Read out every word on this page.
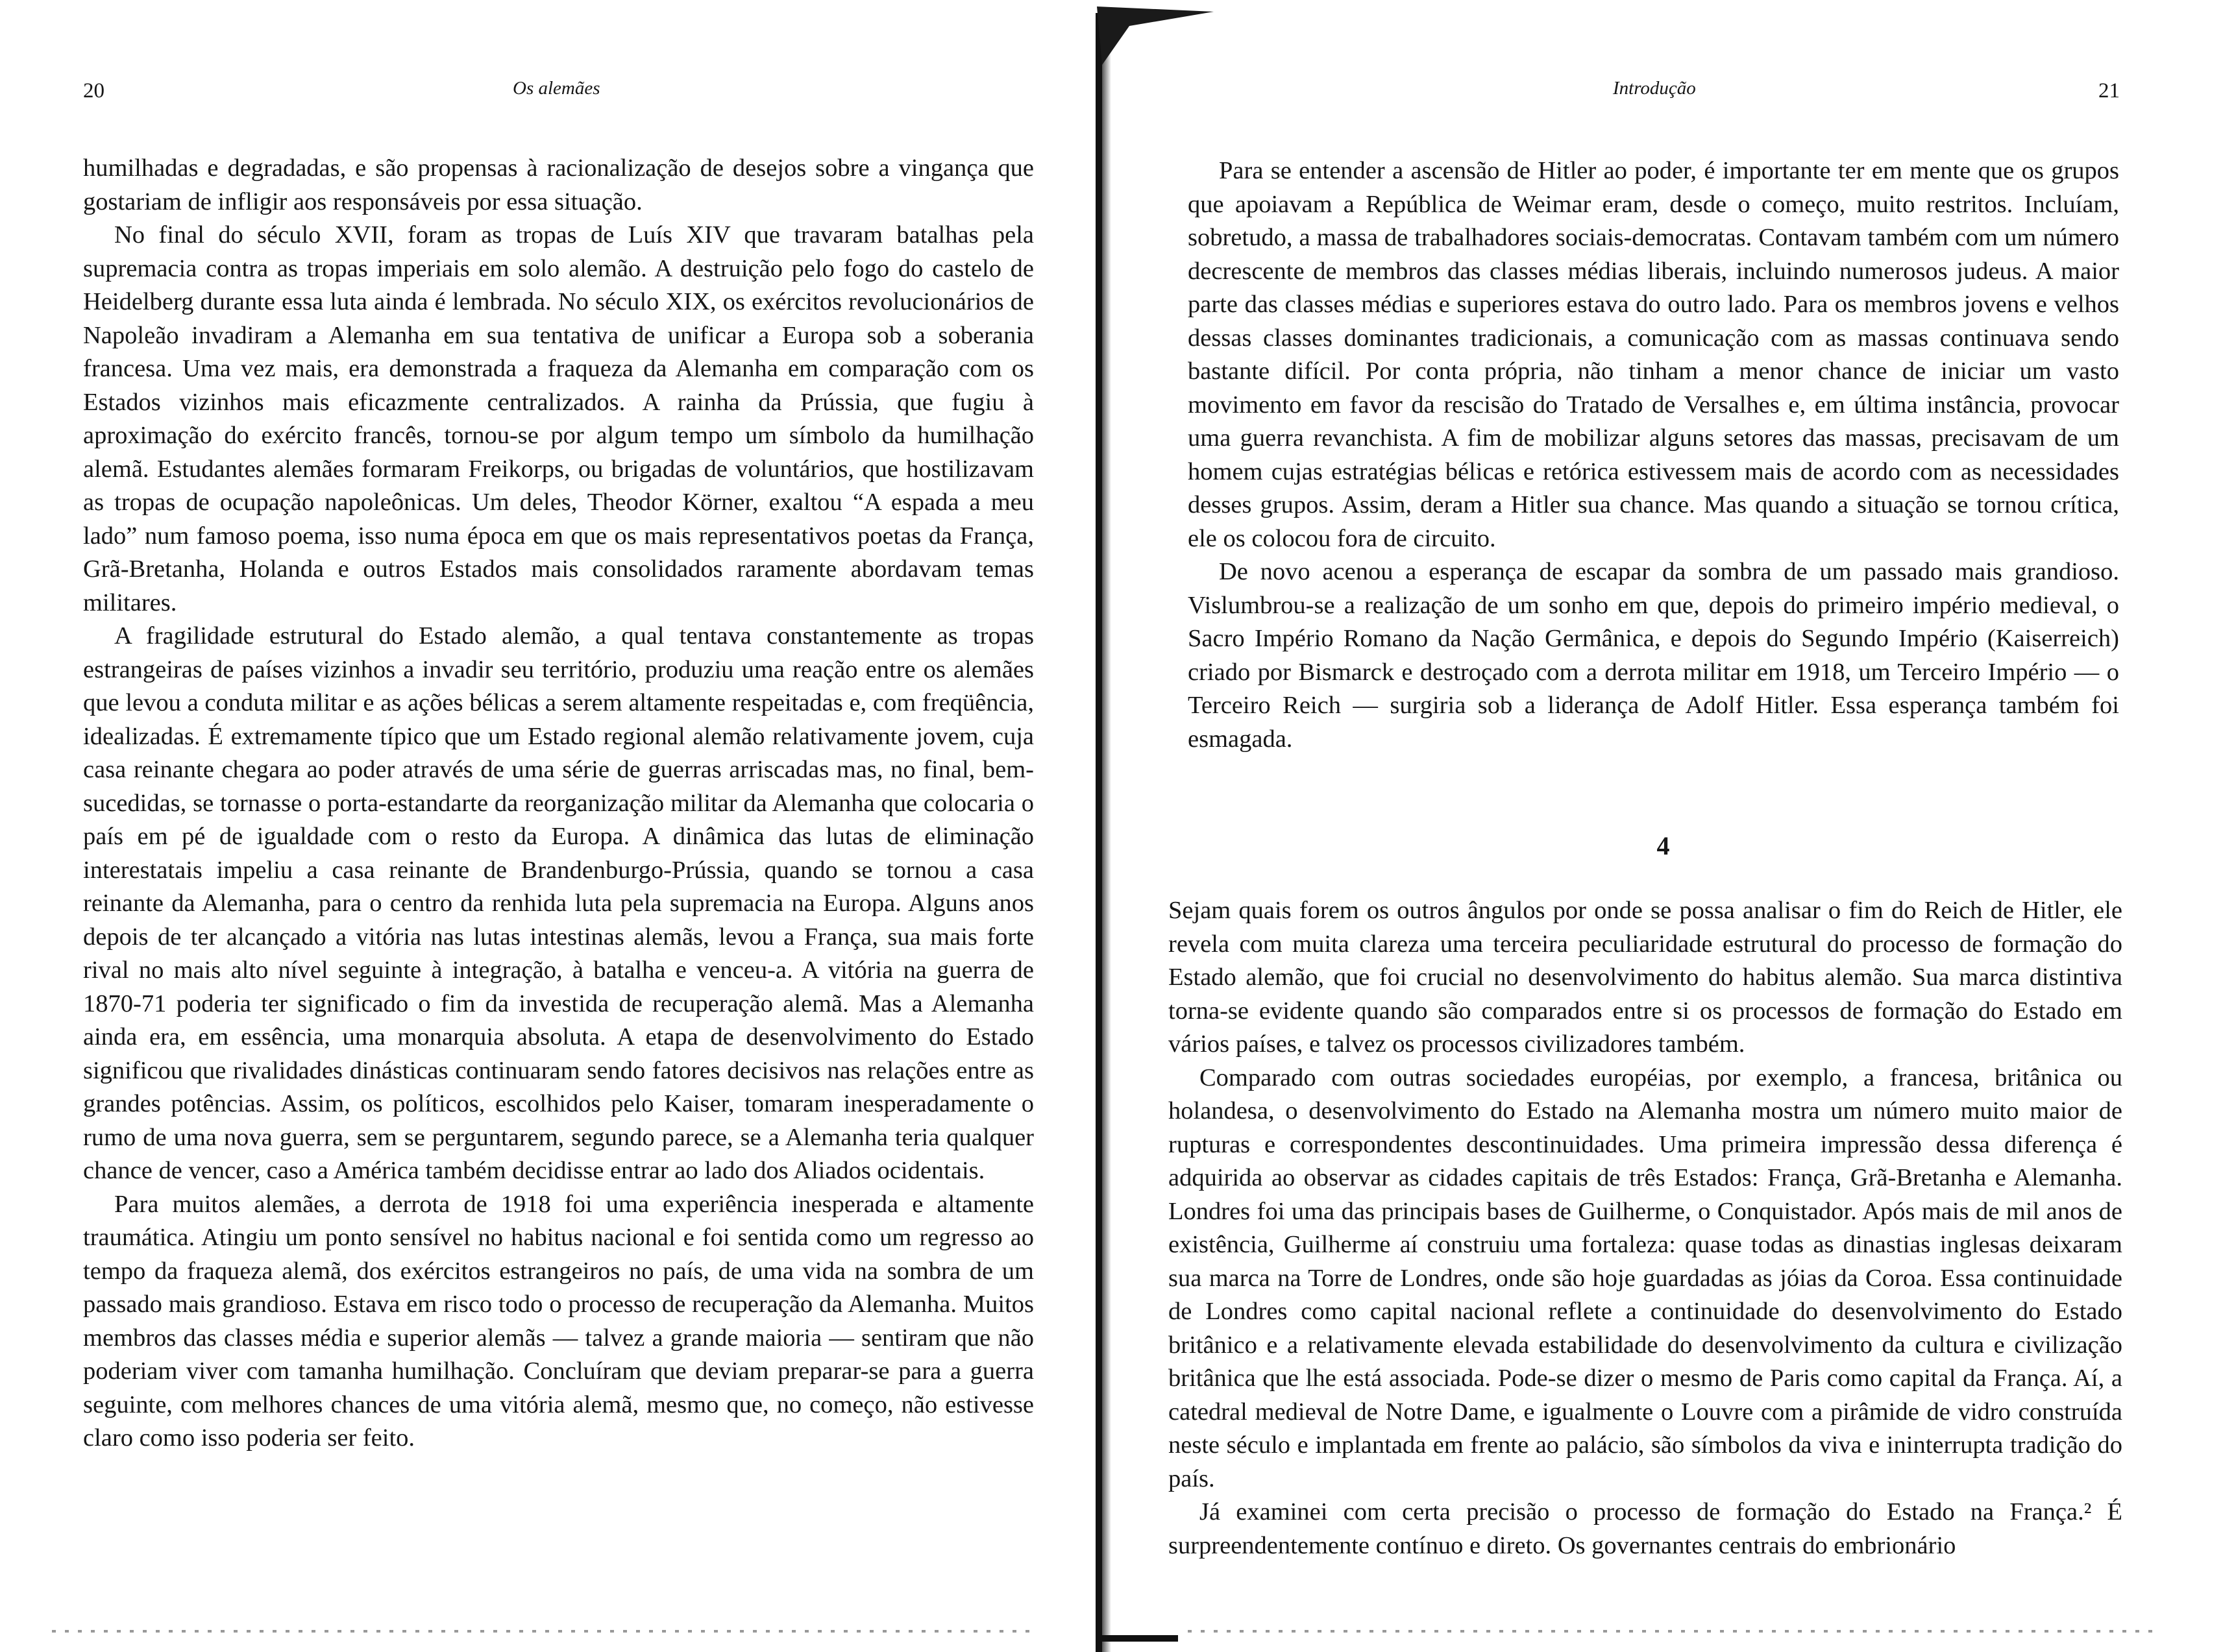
20	Os alemães

humilhadas e degradadas, e são propensas à racionalização de desejos sobre a vingança que gostariam de infligir aos responsáveis por essa situação.

No final do século XVII, foram as tropas de Luís XIV que travaram batalhas pela supremacia contra as tropas imperiais em solo alemão. A destruição pelo fogo do castelo de Heidelberg durante essa luta ainda é lembrada. No século XIX, os exércitos revolucionários de Napoleão invadiram a Alemanha em sua tentativa de unificar a Europa sob a soberania francesa. Uma vez mais, era demonstrada a fraqueza da Alemanha em comparação com os Estados vizinhos mais eficazmente centralizados. A rainha da Prússia, que fugiu à aproximação do exército francês, tornou-se por algum tempo um símbolo da humilhação alemã. Estudantes alemães formaram Freikorps, ou brigadas de voluntários, que hostilizavam as tropas de ocupação napoleônicas. Um deles, Theodor Körner, exaltou “A espada a meu lado” num famoso poema, isso numa época em que os mais representativos poetas da França, Grã-Bretanha, Holanda e outros Estados mais consolidados raramente abordavam temas militares.

A fragilidade estrutural do Estado alemão, a qual tentava constantemente as tropas estrangeiras de países vizinhos a invadir seu território, produziu uma reação entre os alemães que levou a conduta militar e as ações bélicas a serem altamente respeitadas e, com freqüência, idealizadas. É extremamente típico que um Estado regional alemão relativamente jovem, cuja casa reinante chegara ao poder através de uma série de guerras arriscadas mas, no final, bem-sucedidas, se tornasse o porta-estandarte da reorganização militar da Alemanha que colocaria o país em pé de igualdade com o resto da Europa. A dinâmica das lutas de eliminação interestatais impeliu a casa reinante de Brandenburgo-Prússia, quando se tornou a casa reinante da Alemanha, para o centro da renhida luta pela supremacia na Europa. Alguns anos depois de ter alcançado a vitória nas lutas intestinas alemãs, levou a França, sua mais forte rival no mais alto nível seguinte à integração, à batalha e venceu-a. A vitória na guerra de 1870-71 poderia ter significado o fim da investida de recuperação alemã. Mas a Alemanha ainda era, em essência, uma monarquia absoluta. A etapa de desenvolvimento do Estado significou que rivalidades dinásticas continuaram sendo fatores decisivos nas relações entre as grandes potências. Assim, os políticos, escolhidos pelo Kaiser, tomaram inesperadamente o rumo de uma nova guerra, sem se perguntarem, segundo parece, se a Alemanha teria qualquer chance de vencer, caso a América também decidisse entrar ao lado dos Aliados ocidentais.

Para muitos alemães, a derrota de 1918 foi uma experiência inesperada e altamente traumática. Atingiu um ponto sensível no habitus nacional e foi sentida como um regresso ao tempo da fraqueza alemã, dos exércitos estrangeiros no país, de uma vida na sombra de um passado mais grandioso. Estava em risco todo o processo de recuperação da Alemanha. Muitos membros das classes média e superior alemãs — talvez a grande maioria — sentiram que não poderiam viver com tamanha humilhação. Concluíram que deviam preparar-se para a guerra seguinte, com melhores chances de uma vitória alemã, mesmo que, no começo, não estivesse claro como isso poderia ser feito.

Introdução	21

Para se entender a ascensão de Hitler ao poder, é importante ter em mente que os grupos que apoiavam a República de Weimar eram, desde o começo, muito restritos. Incluíam, sobretudo, a massa de trabalhadores sociais-democratas. Contavam também com um número decrescente de membros das classes médias liberais, incluindo numerosos judeus. A maior parte das classes médias e superiores estava do outro lado. Para os membros jovens e velhos dessas classes dominantes tradicionais, a comunicação com as massas continuava sendo bastante difícil. Por conta própria, não tinham a menor chance de iniciar um vasto movimento em favor da rescisão do Tratado de Versalhes e, em última instância, provocar uma guerra revanchista. A fim de mobilizar alguns setores das massas, precisavam de um homem cujas estratégias bélicas e retórica estivessem mais de acordo com as necessidades desses grupos. Assim, deram a Hitler sua chance. Mas quando a situação se tornou crítica, ele os colocou fora de circuito.

De novo acenou a esperança de escapar da sombra de um passado mais grandioso. Vislumbrou-se a realização de um sonho em que, depois do primeiro império medieval, o Sacro Império Romano da Nação Germânica, e depois do Segundo Império (Kaiserreich) criado por Bismarck e destroçado com a derrota militar em 1918, um Terceiro Império — o Terceiro Reich — surgiria sob a liderança de Adolf Hitler. Essa esperança também foi esmagada.

4

Sejam quais forem os outros ângulos por onde se possa analisar o fim do Reich de Hitler, ele revela com muita clareza uma terceira peculiaridade estrutural do processo de formação do Estado alemão, que foi crucial no desenvolvimento do habitus alemão. Sua marca distintiva torna-se evidente quando são comparados entre si os processos de formação do Estado em vários países, e talvez os processos civilizadores também.

Comparado com outras sociedades européias, por exemplo, a francesa, britânica ou holandesa, o desenvolvimento do Estado na Alemanha mostra um número muito maior de rupturas e correspondentes descontinuidades. Uma primeira impressão dessa diferença é adquirida ao observar as cidades capitais de três Estados: França, Grã-Bretanha e Alemanha. Londres foi uma das principais bases de Guilherme, o Conquistador. Após mais de mil anos de existência, Guilherme aí construiu uma fortaleza: quase todas as dinastias inglesas deixaram sua marca na Torre de Londres, onde são hoje guardadas as jóias da Coroa. Essa continuidade de Londres como capital nacional reflete a continuidade do desenvolvimento do Estado britânico e a relativamente elevada estabilidade do desenvolvimento da cultura e civilização britânica que lhe está associada. Pode-se dizer o mesmo de Paris como capital da França. Aí, a catedral medieval de Notre Dame, e igualmente o Louvre com a pirâmide de vidro construída neste século e implantada em frente ao palácio, são símbolos da viva e ininterrupta tradição do país.

Já examinei com certa precisão o processo de formação do Estado na França.² É surpreendentemente contínuo e direto. Os governantes centrais do embrionário
